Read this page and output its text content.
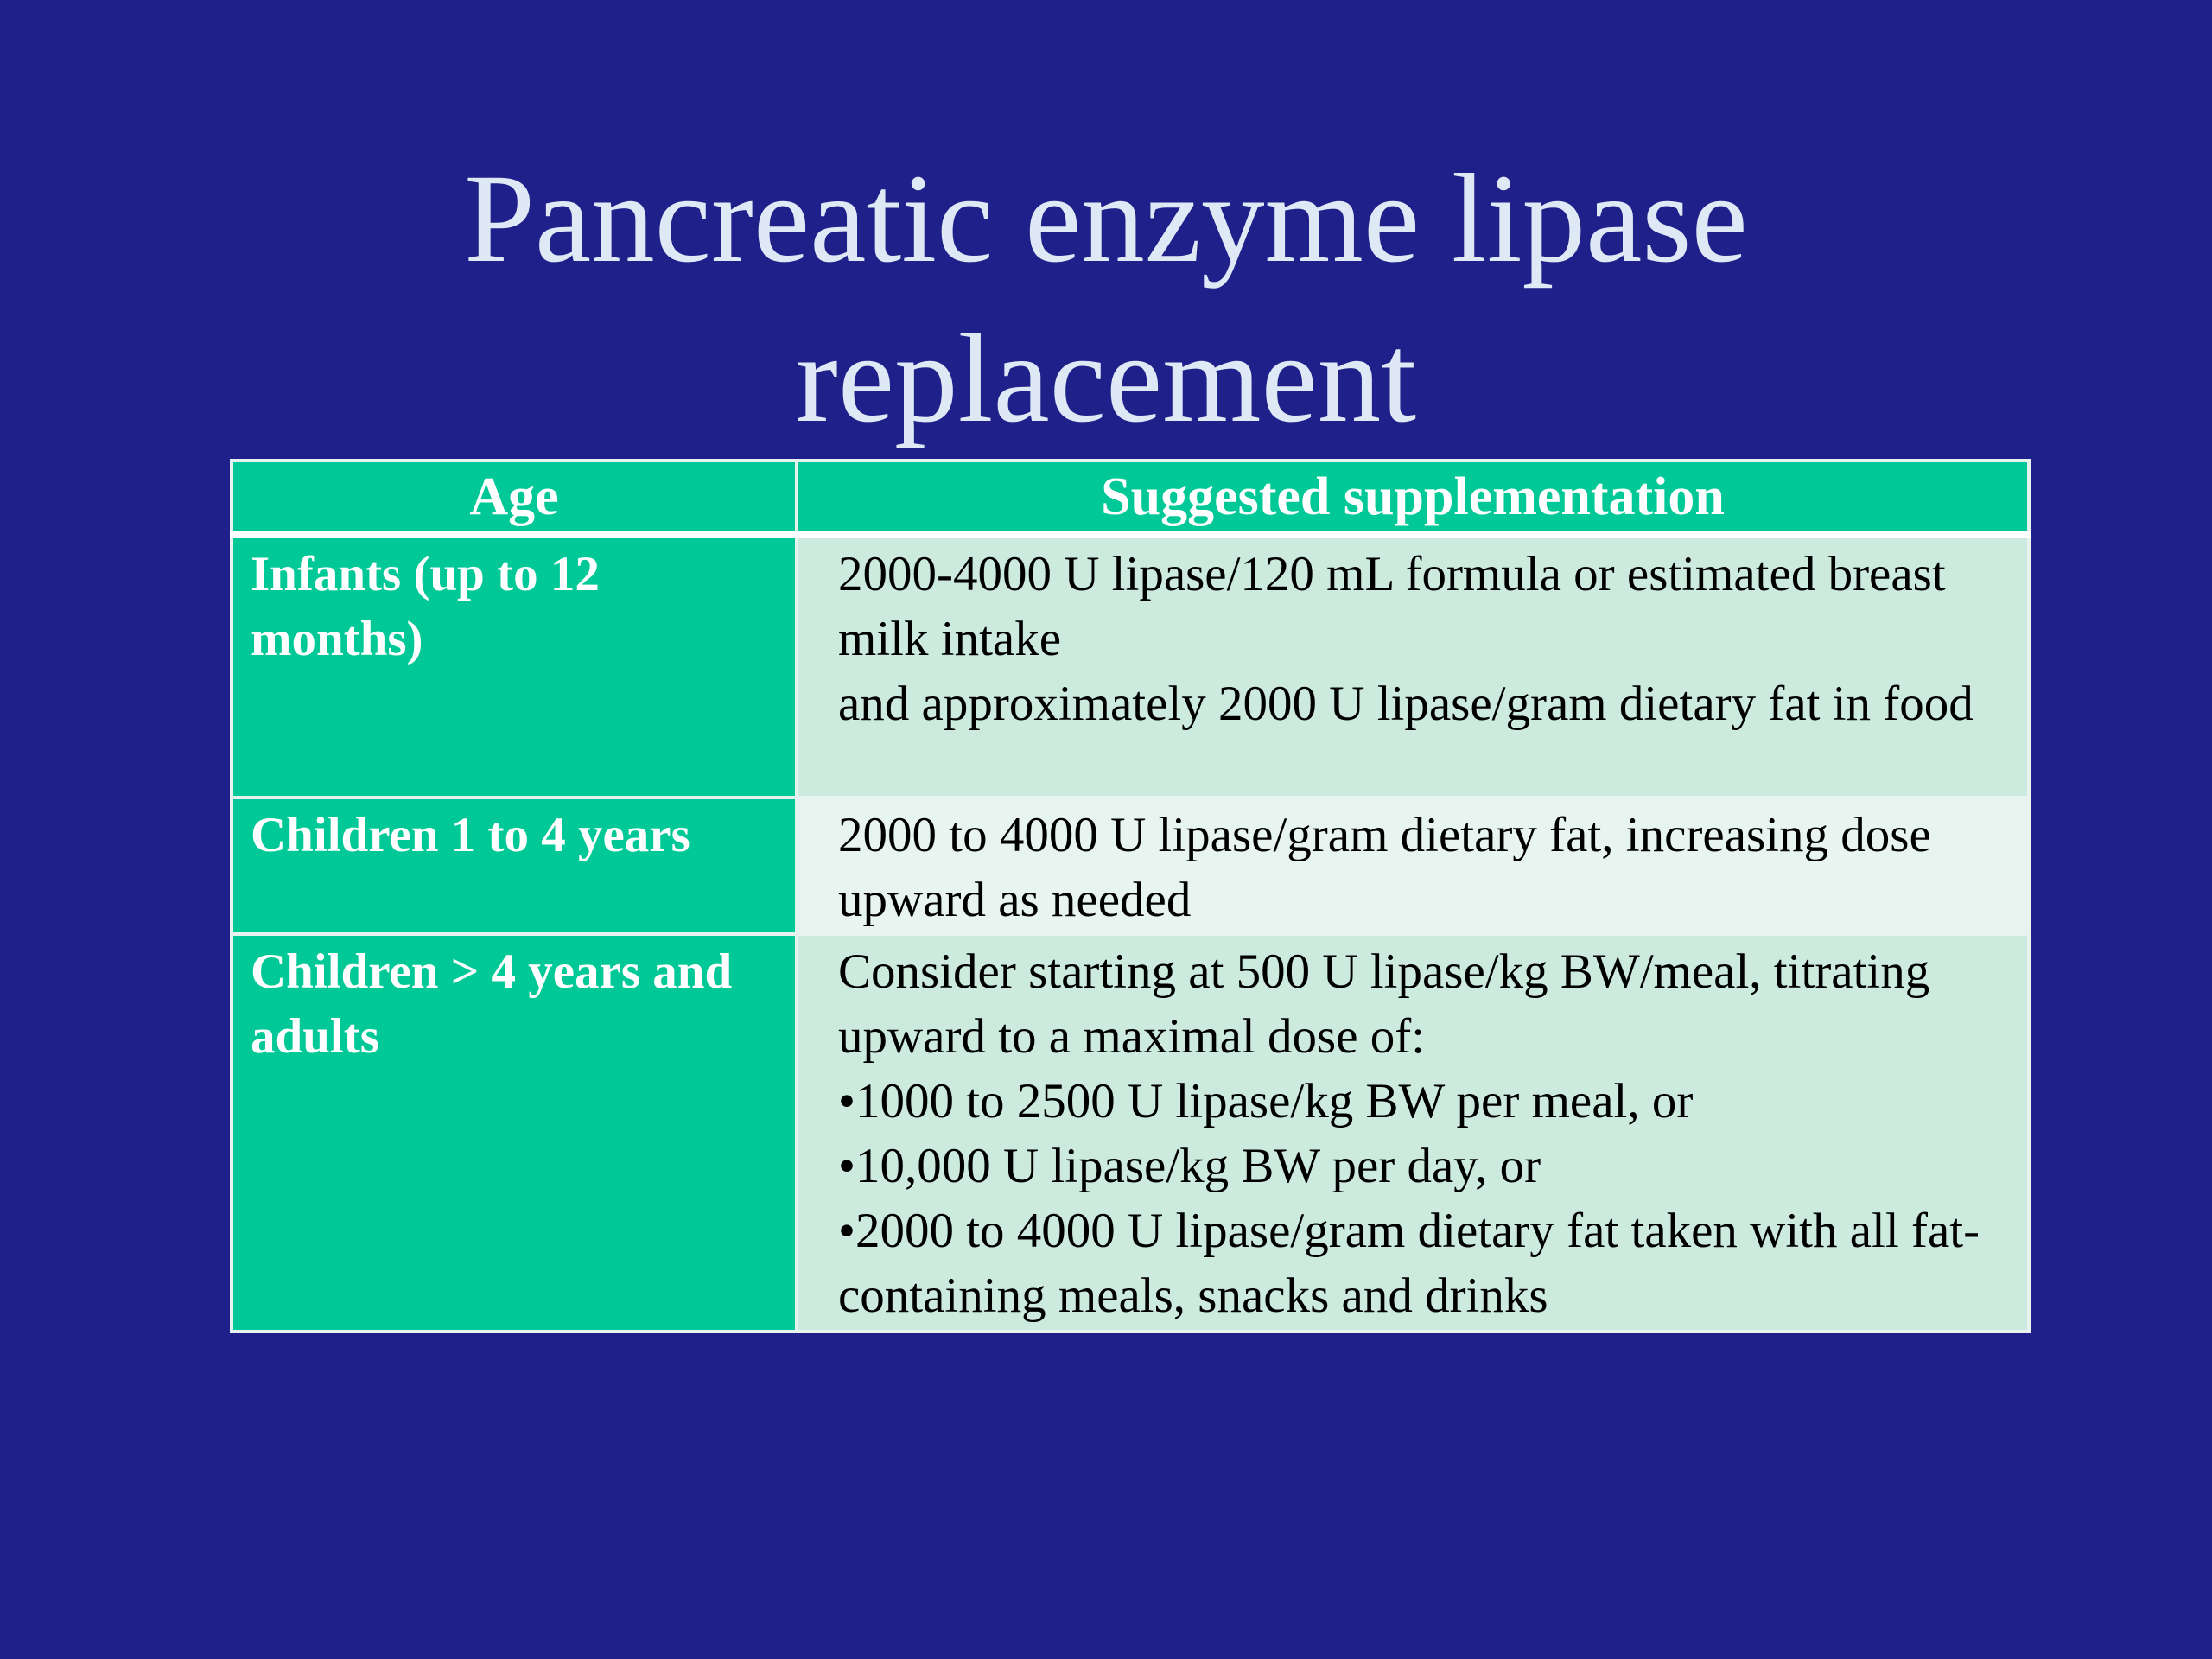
Pancreatic enzyme lipase
replacement
Age	Suggested supplementation
Infants (up to 12 months)	2000-4000 U lipase/120 mL formula or estimated breast milk intake
and approximately 2000 U lipase/gram dietary fat in food

Children 1 to 4 years	2000 to 4000 U lipase/gram dietary fat, increasing dose upward as needed

Children > 4 years and adults	Consider starting at 500 U lipase/kg BW/meal, titrating upward to a maximal dose of:
•1000 to 2500 U lipase/kg BW per meal, or
•10,000 U lipase/kg BW per day, or
•2000 to 4000 U lipase/gram dietary fat taken with all fat-containing meals, snacks and drinks
